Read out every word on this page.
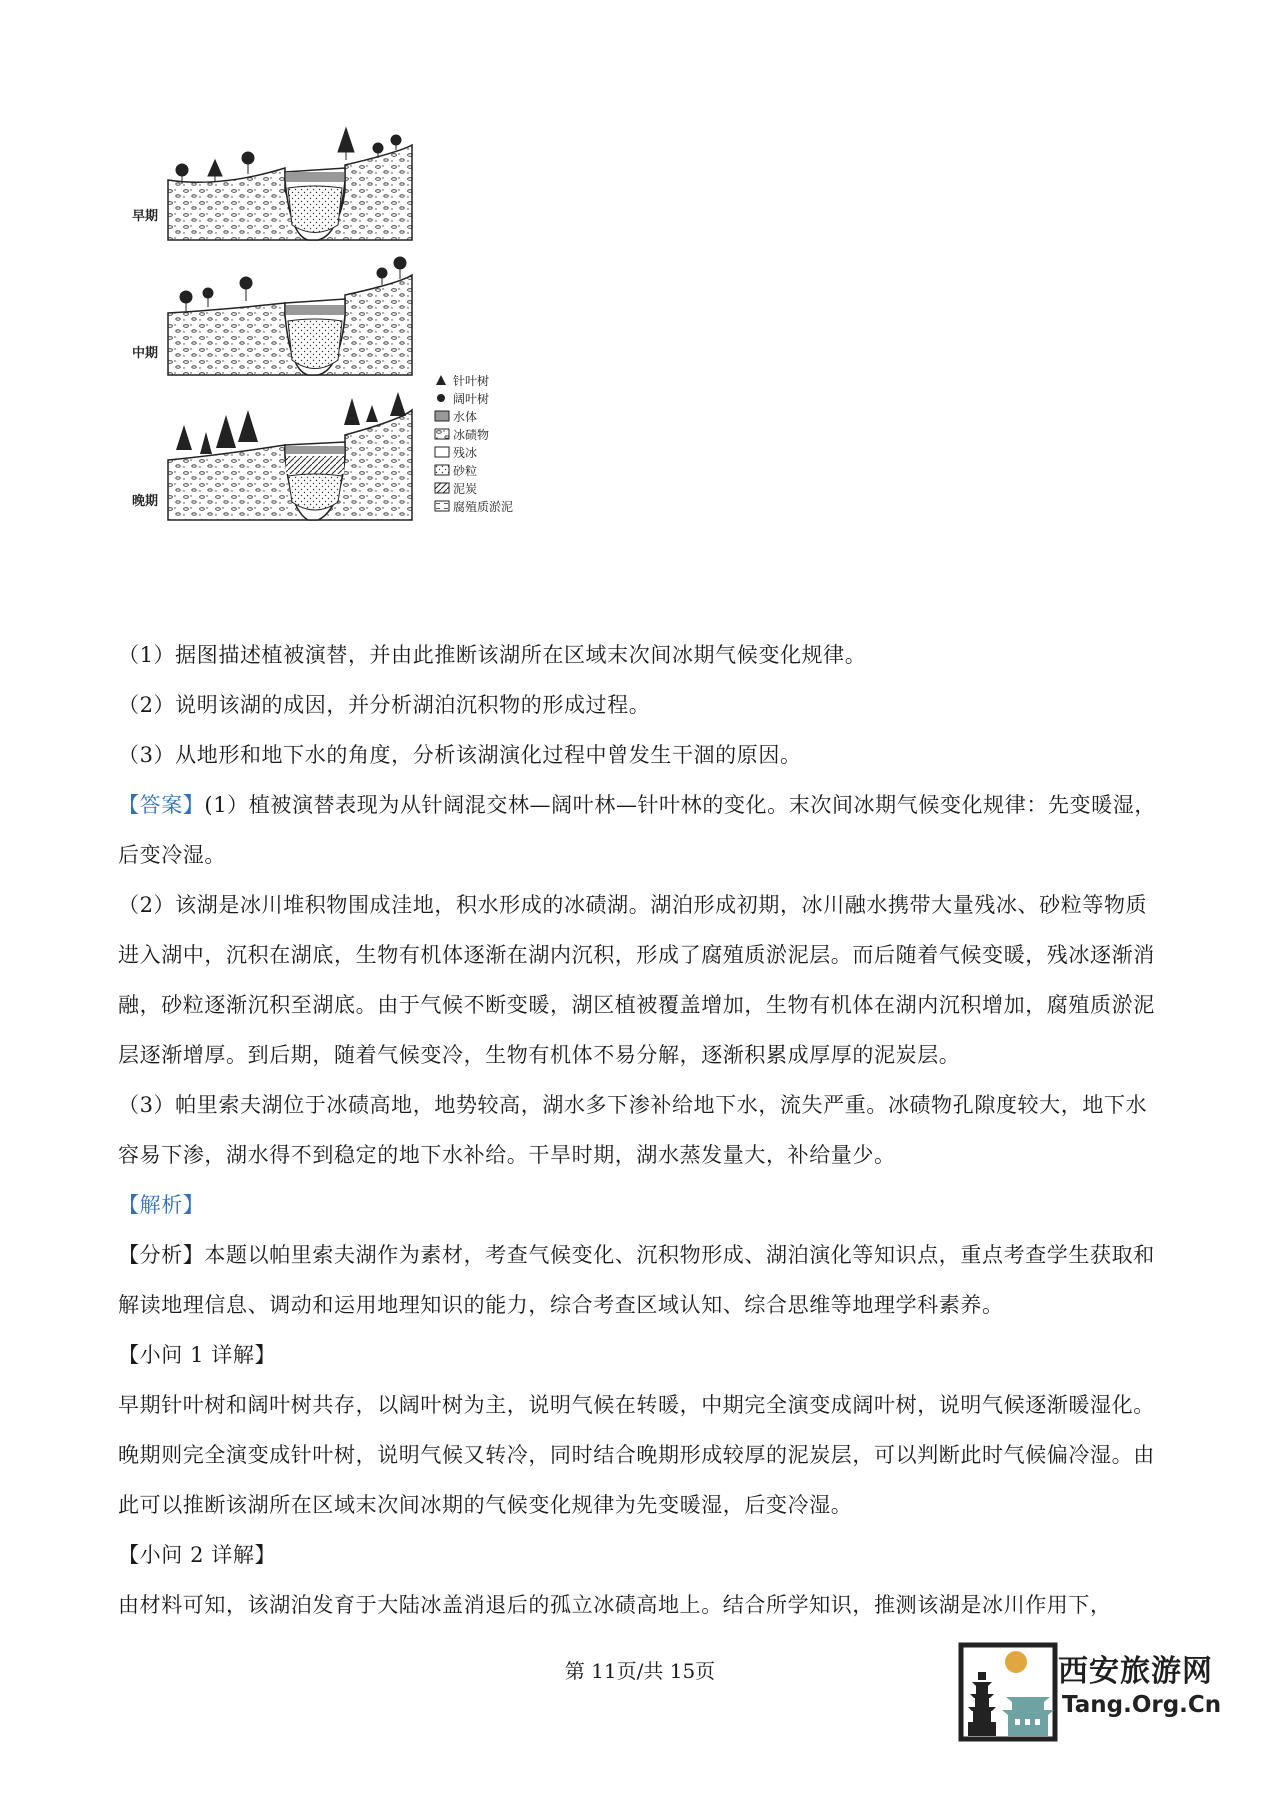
早期
中期
晚期
针叶树
阔叶树
水体
冰碛物
残冰
砂粒
泥炭
腐殖质淤泥
（1）据图描述植被演替，并由此推断该湖所在区域末次间冰期气候变化规律。
（2）说明该湖的成因，并分析湖泊沉积物的形成过程。
（3）从地形和地下水的角度，分析该湖演化过程中曾发生干涸的原因。
【答案】(1）植被演替表现为从针阔混交林—阔叶林—针叶林的变化。末次间冰期气候变化规律：先变暖湿，后变冷湿。
（2）该湖是冰川堆积物围成洼地，积水形成的冰碛湖。湖泊形成初期，冰川融水携带大量残冰、砂粒等物质进入湖中，沉积在湖底，生物有机体逐渐在湖内沉积，形成了腐殖质淤泥层。而后随着气候变暖，残冰逐渐消融，砂粒逐渐沉积至湖底。由于气候不断变暖，湖区植被覆盖增加，生物有机体在湖内沉积增加，腐殖质淤泥层逐渐增厚。到后期，随着气候变冷，生物有机体不易分解，逐渐积累成厚厚的泥炭层。
（3）帕里索夫湖位于冰碛高地，地势较高，湖水多下渗补给地下水，流失严重。冰碛物孔隙度较大，地下水容易下渗，湖水得不到稳定的地下水补给。干旱时期，湖水蒸发量大，补给量少。
【解析】
【分析】本题以帕里索夫湖作为素材，考查气候变化、沉积物形成、湖泊演化等知识点，重点考查学生获取和解读地理信息、调动和运用地理知识的能力，综合考查区域认知、综合思维等地理学科素养。
【小问 1 详解】
早期针叶树和阔叶树共存，以阔叶树为主，说明气候在转暖，中期完全演变成阔叶树，说明气候逐渐暖湿化。晚期则完全演变成针叶树，说明气候又转冷，同时结合晚期形成较厚的泥炭层，可以判断此时气候偏冷湿。由此可以推断该湖所在区域末次间冰期的气候变化规律为先变暖湿，后变冷湿。
【小问 2 详解】
由材料可知，该湖泊发育于大陆冰盖消退后的孤立冰碛高地上。结合所学知识，推测该湖是冰川作用下，
第 11页/共 15页	西安旅游网
Tang.Org.Cn
